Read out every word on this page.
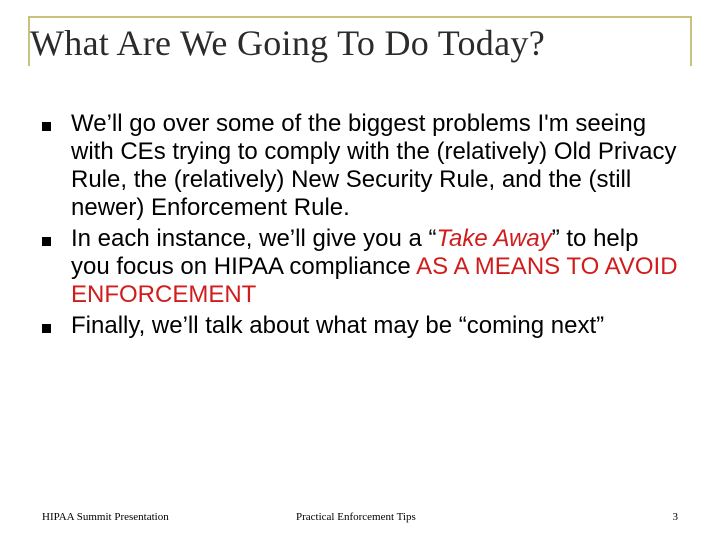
What Are We Going To Do Today?
We’ll go over some of the biggest problems I'm seeing with CEs trying to comply with the (relatively) Old Privacy Rule, the (relatively) New Security Rule, and the (still newer) Enforcement Rule.
In each instance, we’ll give you a “Take Away” to help you focus on HIPAA compliance AS A MEANS TO AVOID ENFORCEMENT
Finally, we’ll talk about what may be “coming next”
HIPAA Summit Presentation	Practical Enforcement Tips	3
